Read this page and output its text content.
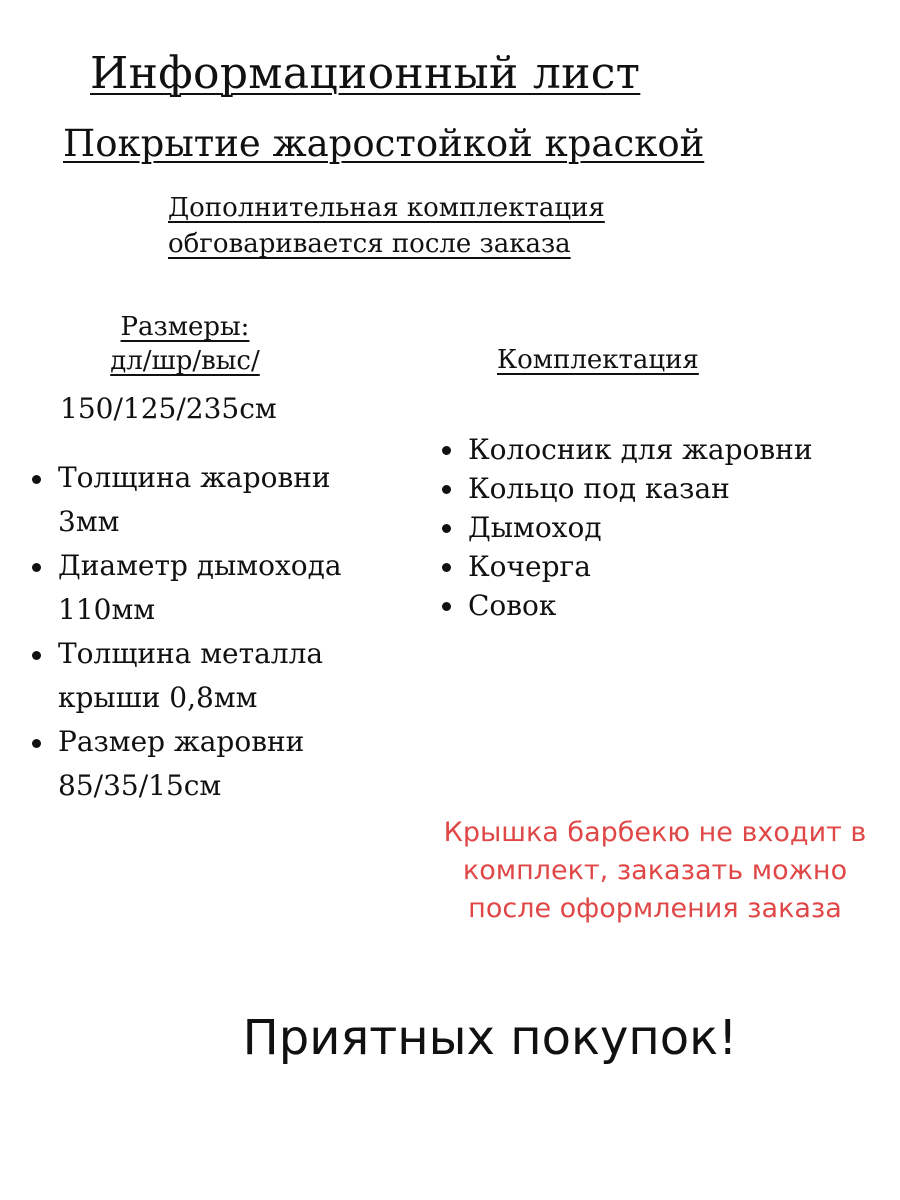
Информационный лист
Покрытие жаростойкой краской
Дополнительная комплектация
обговаривается после заказа
Размеры:
дл/шр/выс/
150/125/235см
Комплектация
Толщина жаровни 3мм
Диаметр дымохода 110мм
Толщина металла крыши 0,8мм
Размер жаровни 85/35/15см
Колосник для жаровни
Кольцо под казан
Дымоход
Кочерга
Совок
Крышка барбекю не входит в комплект, заказать можно после оформления заказа
Приятных покупок!
